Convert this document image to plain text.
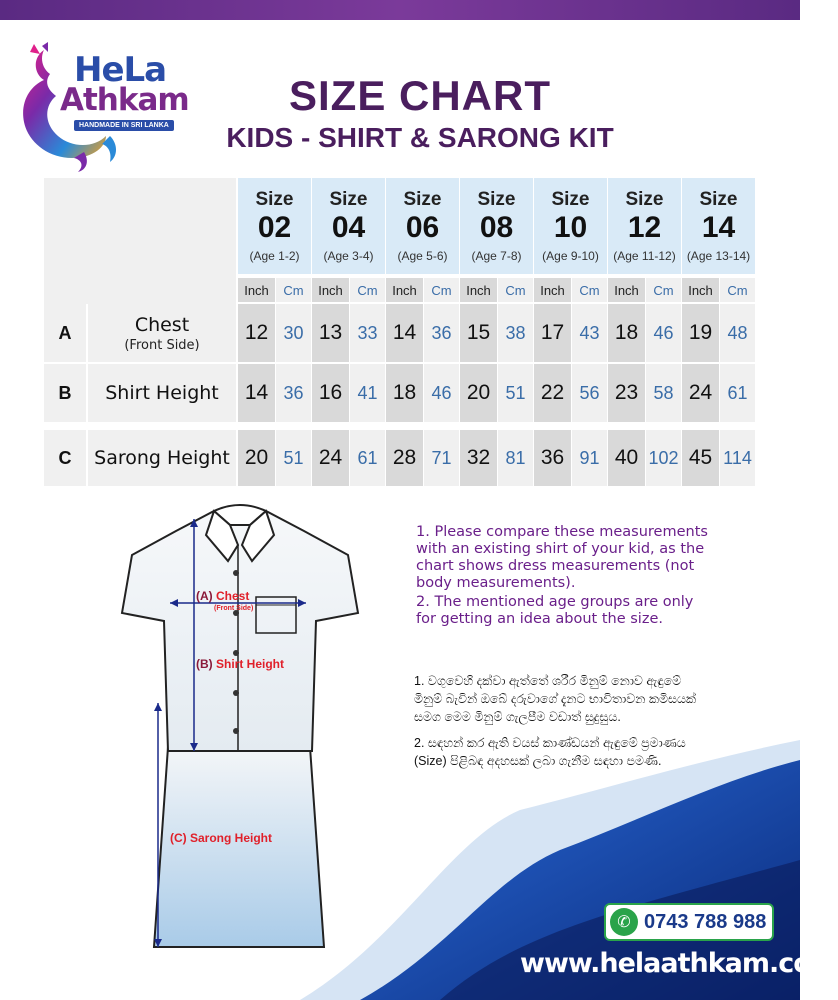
HeLa
Athkam
HANDMADE IN SRI LANKA
SIZE CHART
KIDS - SHIRT & SARONG KIT
Size
02
(Age 1-2)
Inch	Cm
Size
04
(Age 3-4)
Inch	Cm
Size
06
(Age 5-6)
Inch	Cm
Size
08
(Age 7-8)
Inch	Cm
Size
10
(Age 9-10)
Inch	Cm
Size
12
(Age 11-12)
Inch	Cm
Size
14
(Age 13-14)
Inch	Cm
A	Chest
(Front Side)
12 30 13 33 14 36 15 38 17 43 18 46 19 48
B	Shirt Height	14 36 16 41 18 46 20 51 22 56 23 58 24 61
C	Sarong Height 20 51 24 61 28 71 32 81 36 91 40 102 45 114
(A) Chest
(Front Side)
(B) Shirt Height
(C) Sarong Height

1. Please compare these measurements with an existing shirt of your kid, as the chart shows dress measurements (not body measurements).

2. The mentioned age groups are only for getting an idea about the size.

1. වගුවෙහි දක්වා ඇත්තේ ශරීර මිනුම් නොව ඇඳුමේ මිනුම් බැවින් ඔබේ දරුවාගේ දැනට භාවිතාවන කමිසයක් සමග මෙම මිනුම් ගැලපීම වඩාත් සුදුසුය.

2. සඳහන් කර ඇති වයස් කාණ්ඩයන් ඇඳුමේ ප්‍රමාණය (Size) පිළිබඳ අදහසක් ලබා ගැනීම සඳහා පමණි.

✆ 0743 788 988
www.helaathkam.com
